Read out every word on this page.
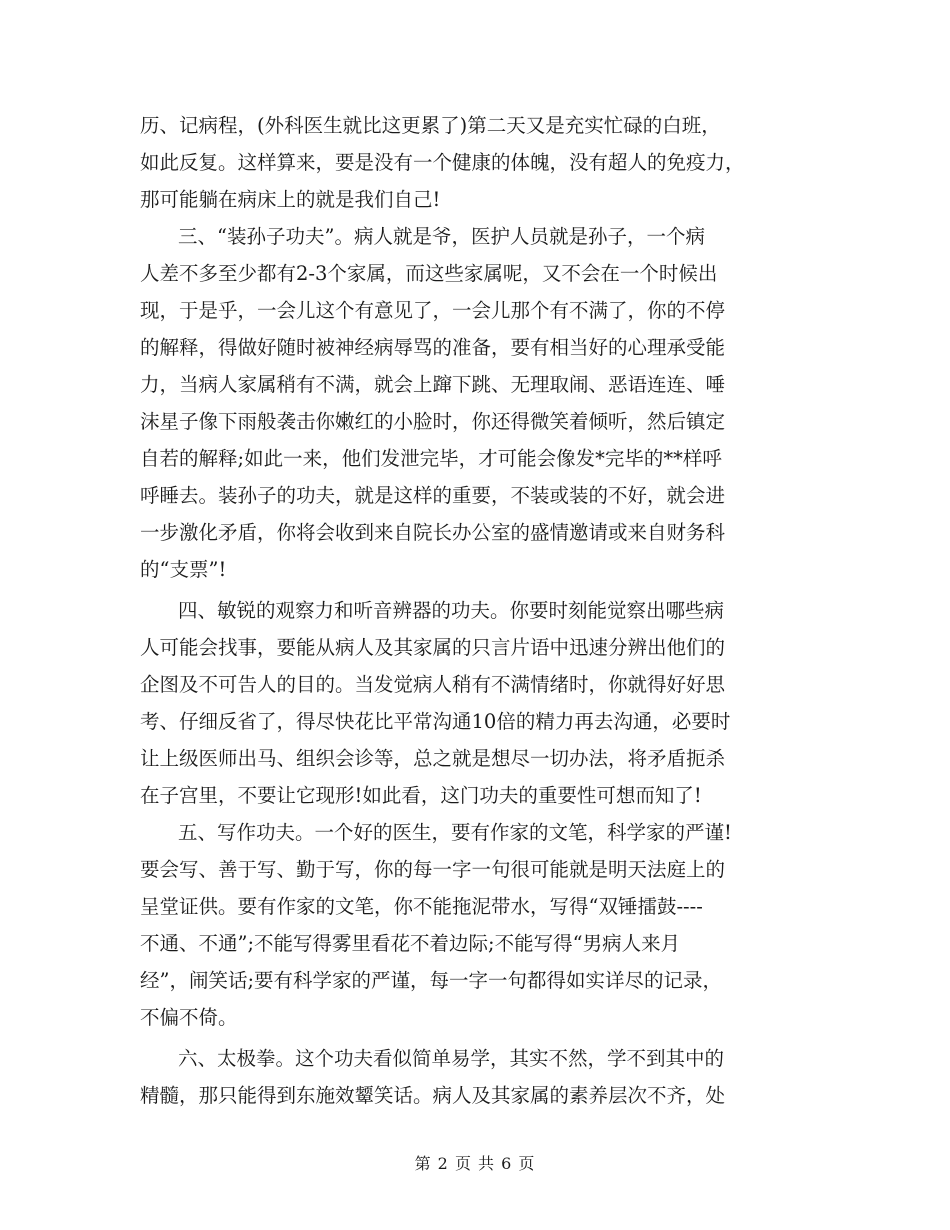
历、记病程，(外科医生就比这更累了)第二天又是充实忙碌的白班，
如此反复。这样算来，要是没有一个健康的体魄，没有超人的免疫力，
那可能躺在病床上的就是我们自己!
三、“装孙子功夫”。病人就是爷，医护人员就是孙子，一个病
人差不多至少都有2-3个家属，而这些家属呢，又不会在一个时候出
现，于是乎，一会儿这个有意见了，一会儿那个有不满了，你的不停
的解释，得做好随时被神经病辱骂的准备，要有相当好的心理承受能
力，当病人家属稍有不满，就会上蹿下跳、无理取闹、恶语连连、唾
沫星子像下雨般袭击你嫩红的小脸时，你还得微笑着倾听，然后镇定
自若的解释;如此一来，他们发泄完毕，才可能会像发*完毕的**样呼
呼睡去。装孙子的功夫，就是这样的重要，不装或装的不好，就会进
一步激化矛盾，你将会收到来自院长办公室的盛情邀请或来自财务科
的“支票”!
四、敏锐的观察力和听音辨器的功夫。你要时刻能觉察出哪些病
人可能会找事，要能从病人及其家属的只言片语中迅速分辨出他们的
企图及不可告人的目的。当发觉病人稍有不满情绪时，你就得好好思
考、仔细反省了，得尽快花比平常沟通10倍的精力再去沟通，必要时
让上级医师出马、组织会诊等，总之就是想尽一切办法，将矛盾扼杀
在子宫里，不要让它现形!如此看，这门功夫的重要性可想而知了!
五、写作功夫。一个好的医生，要有作家的文笔，科学家的严谨!
要会写、善于写、勤于写，你的每一字一句很可能就是明天法庭上的
呈堂证供。要有作家的文笔，你不能拖泥带水，写得“双锤擂鼓----
不通、不通”;不能写得雾里看花不着边际;不能写得“男病人来月
经”，闹笑话;要有科学家的严谨，每一字一句都得如实详尽的记录，
不偏不倚。
六、太极拳。这个功夫看似简单易学，其实不然，学不到其中的
精髓，那只能得到东施效颦笑话。病人及其家属的素养层次不齐，处
第 2 页 共 6 页
